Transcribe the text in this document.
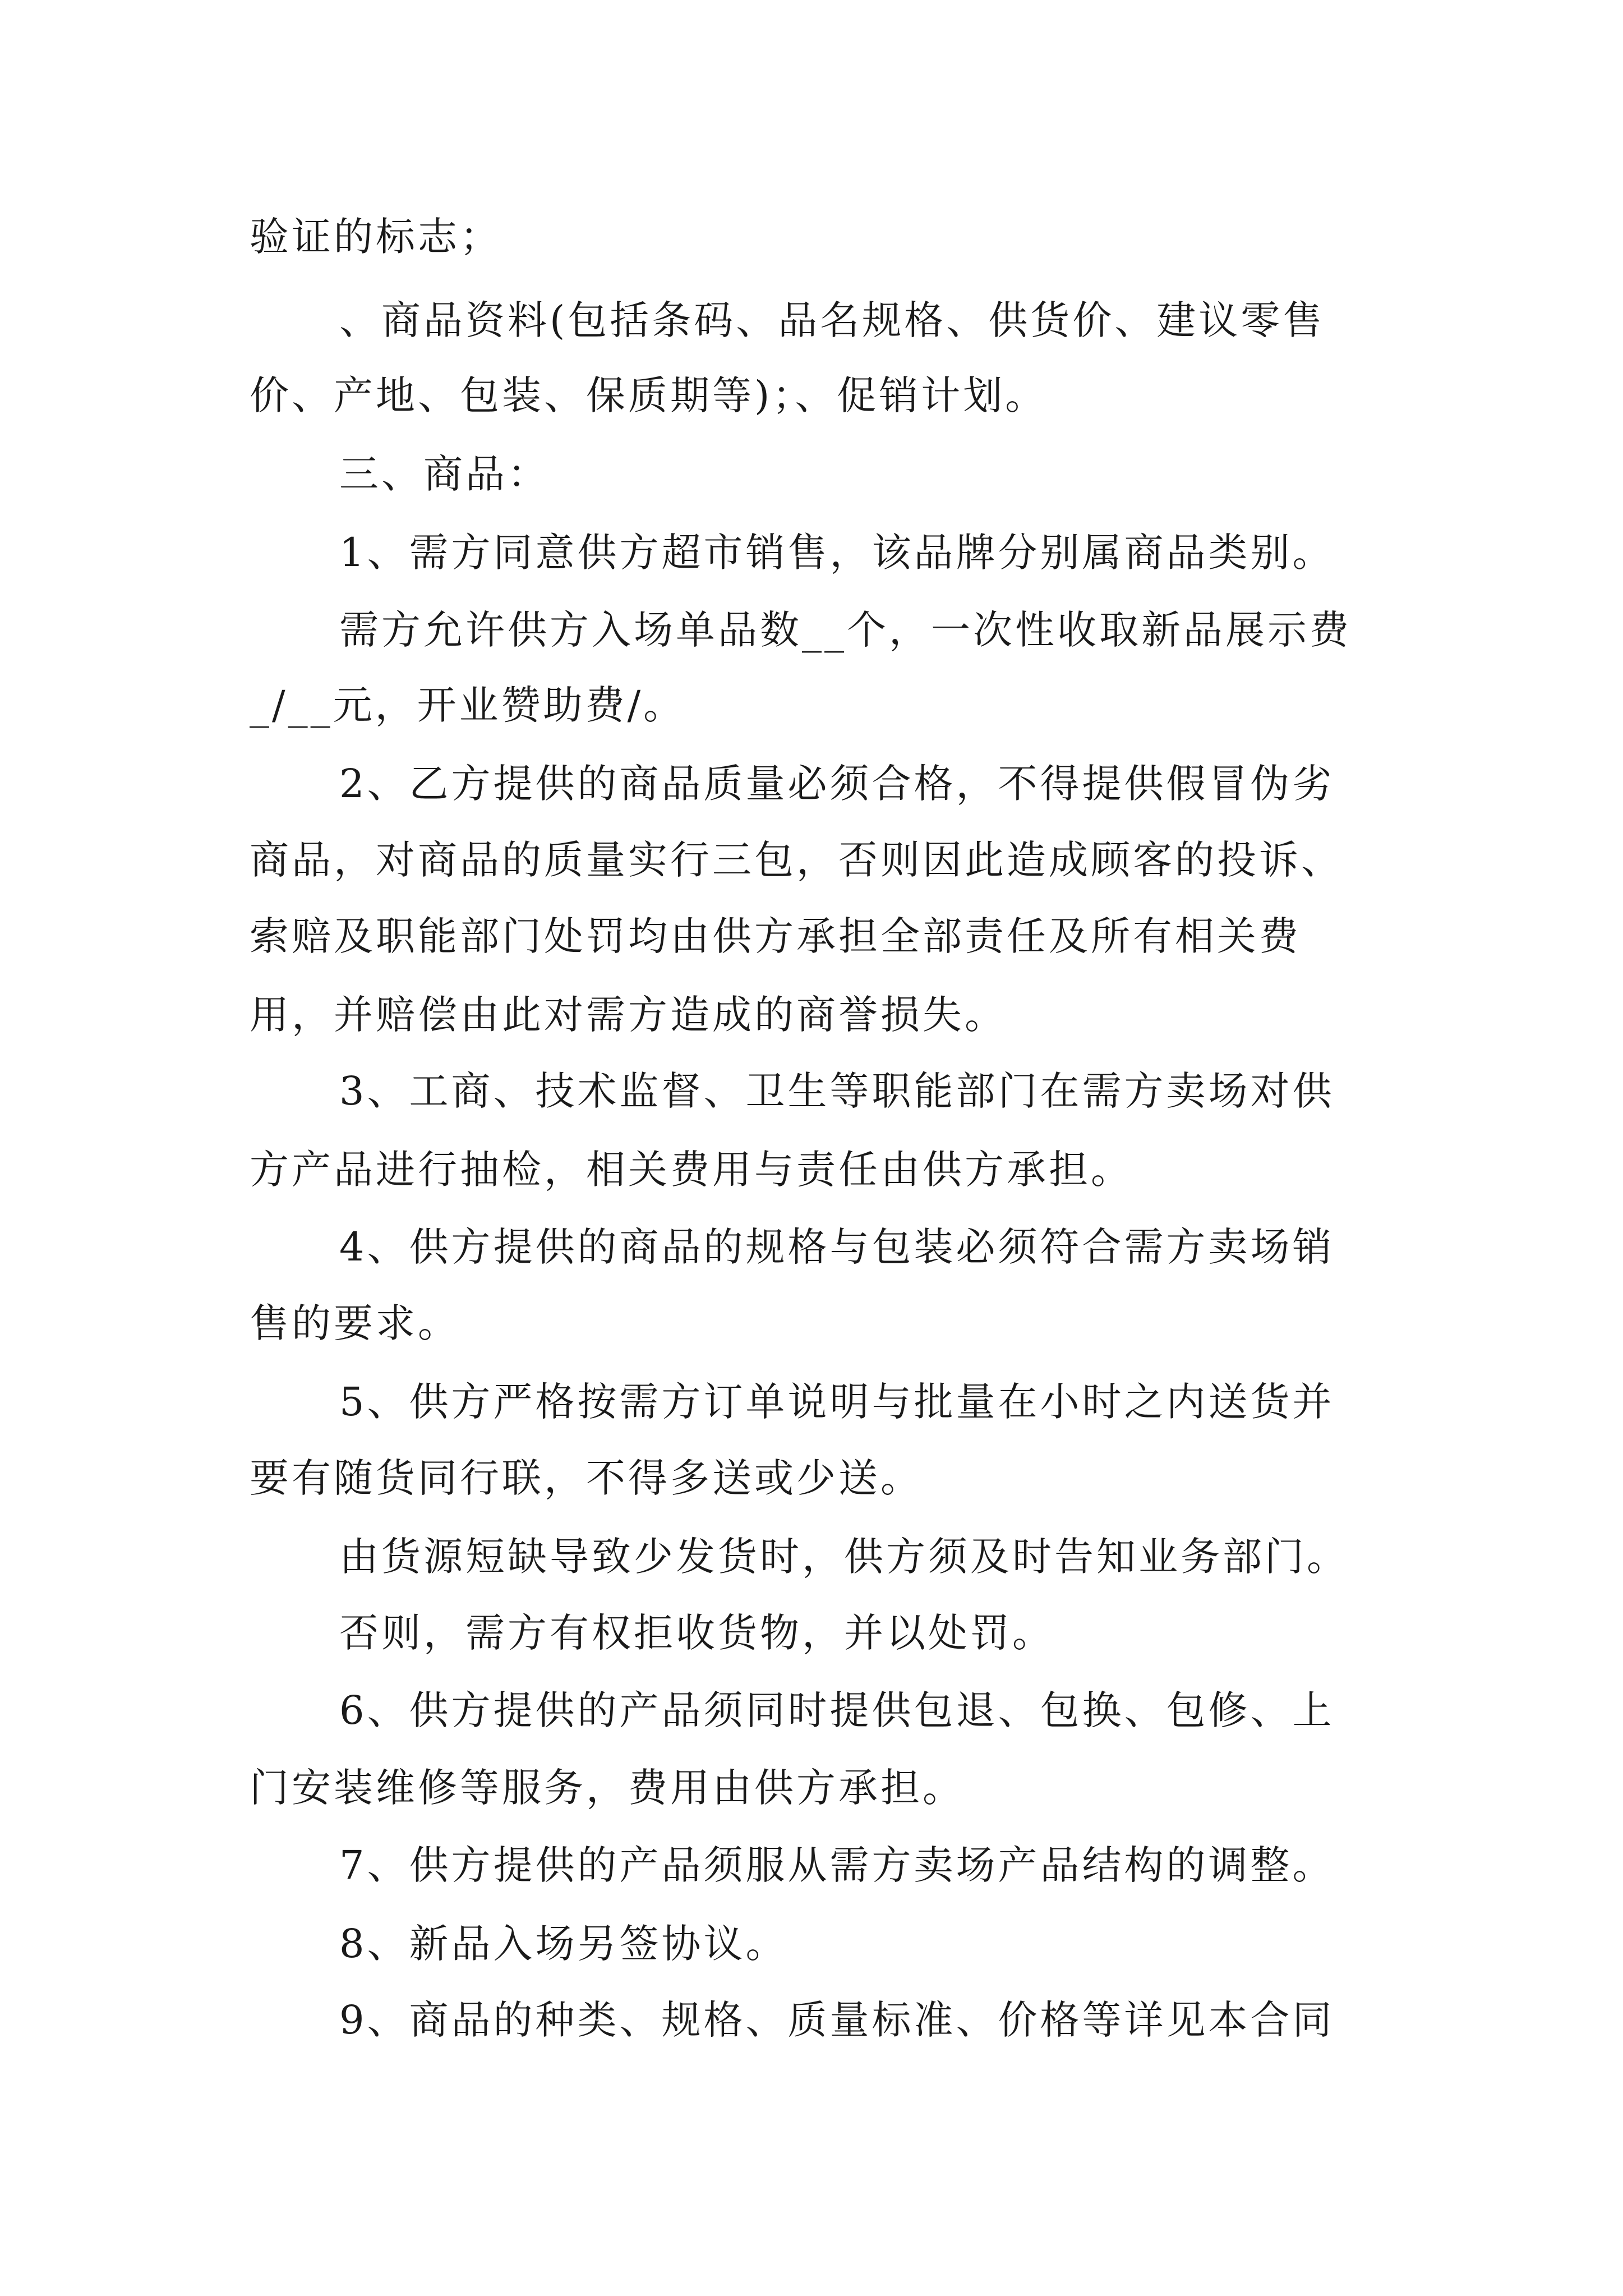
验证的标志；

、商品资料(包括条码、品名规格、供货价、建议零售

价、产地、包装、保质期等)；、促销计划。

三、商品：

1、需方同意供方超市销售，该品牌分别属商品类别。

需方允许供方入场单品数__个，一次性收取新品展示费

_/__元，开业赞助费/。

2、乙方提供的商品质量必须合格，不得提供假冒伪劣

商品，对商品的质量实行三包，否则因此造成顾客的投诉、

索赔及职能部门处罚均由供方承担全部责任及所有相关费

用，并赔偿由此对需方造成的商誉损失。

3、工商、技术监督、卫生等职能部门在需方卖场对供

方产品进行抽检，相关费用与责任由供方承担。

4、供方提供的商品的规格与包装必须符合需方卖场销

售的要求。

5、供方严格按需方订单说明与批量在小时之内送货并

要有随货同行联，不得多送或少送。

由货源短缺导致少发货时，供方须及时告知业务部门。

否则，需方有权拒收货物，并以处罚。

6、供方提供的产品须同时提供包退、包换、包修、上

门安装维修等服务，费用由供方承担。

7、供方提供的产品须服从需方卖场产品结构的调整。

8、新品入场另签协议。

9、商品的种类、规格、质量标准、价格等详见本合同
